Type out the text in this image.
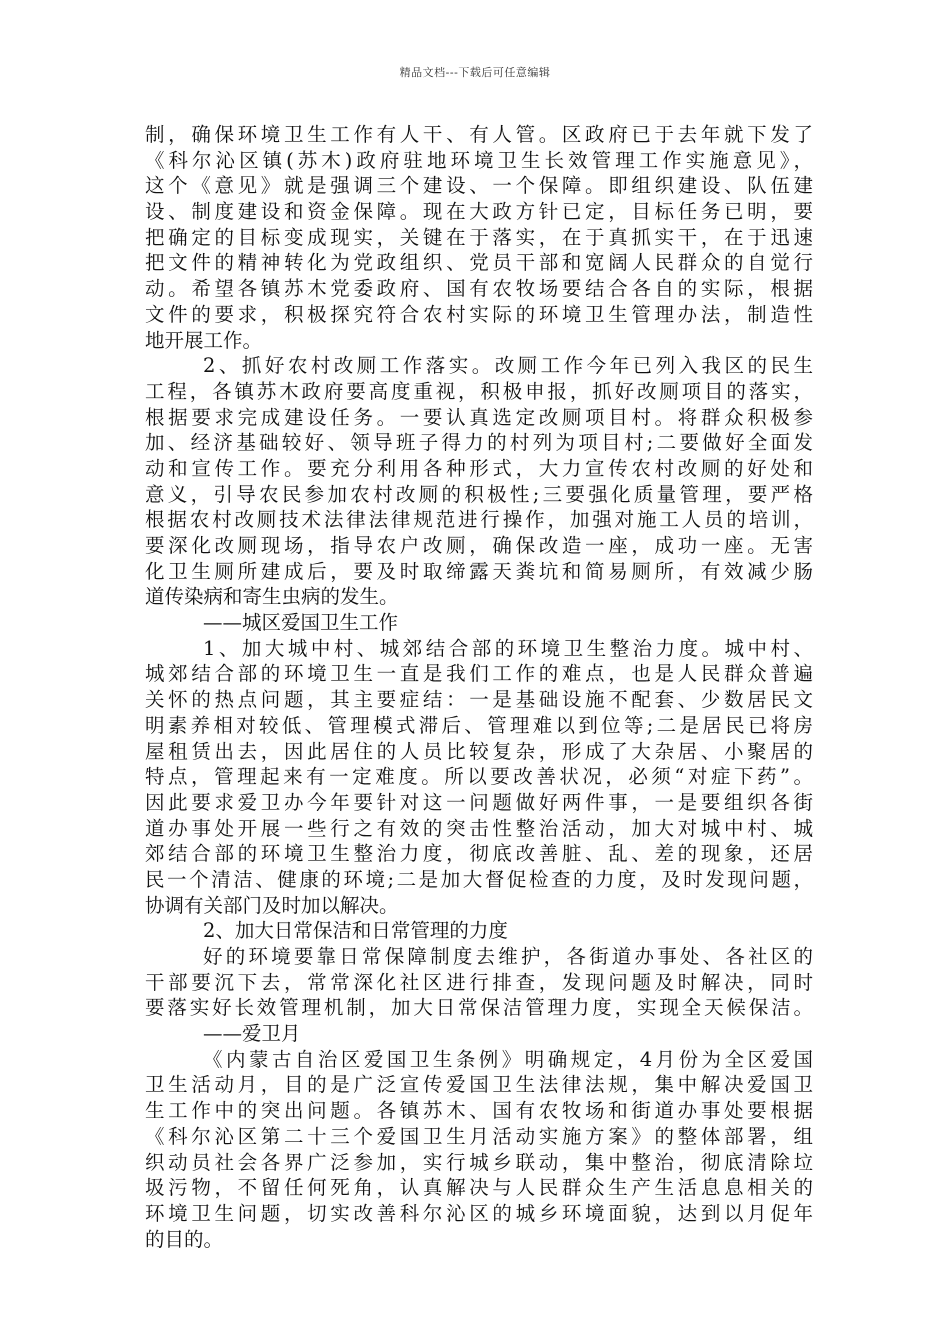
精品文档---下载后可任意编辑
制，确保环境卫生工作有人干、有人管。区政府已于去年就下发了
《科尔沁区镇(苏木)政府驻地环境卫生长效管理工作实施意见》，
这个《意见》就是强调三个建设、一个保障。即组织建设、队伍建
设、制度建设和资金保障。现在大政方针已定，目标任务已明，要
把确定的目标变成现实，关键在于落实，在于真抓实干，在于迅速
把文件的精神转化为党政组织、党员干部和宽阔人民群众的自觉行
动。希望各镇苏木党委政府、国有农牧场要结合各自的实际，根据
文件的要求，积极探究符合农村实际的环境卫生管理办法，制造性
地开展工作。
2、抓好农村改厕工作落实。改厕工作今年已列入我区的民生
工程，各镇苏木政府要高度重视，积极申报，抓好改厕项目的落实，
根据要求完成建设任务。一要认真选定改厕项目村。将群众积极参
加、经济基础较好、领导班子得力的村列为项目村;二要做好全面发
动和宣传工作。要充分利用各种形式，大力宣传农村改厕的好处和
意义，引导农民参加农村改厕的积极性;三要强化质量管理，要严格
根据农村改厕技术法律法律规范进行操作，加强对施工人员的培训，
要深化改厕现场，指导农户改厕，确保改造一座，成功一座。无害
化卫生厕所建成后，要及时取缔露天粪坑和简易厕所，有效减少肠
道传染病和寄生虫病的发生。
——城区爱国卫生工作
1、加大城中村、城郊结合部的环境卫生整治力度。城中村、
城郊结合部的环境卫生一直是我们工作的难点，也是人民群众普遍
关怀的热点问题，其主要症结：一是基础设施不配套、少数居民文
明素养相对较低、管理模式滞后、管理难以到位等;二是居民已将房
屋租赁出去，因此居住的人员比较复杂，形成了大杂居、小聚居的
特点，管理起来有一定难度。所以要改善状况，必须“对症下药”。
因此要求爱卫办今年要针对这一问题做好两件事，一是要组织各街
道办事处开展一些行之有效的突击性整治活动，加大对城中村、城
郊结合部的环境卫生整治力度，彻底改善脏、乱、差的现象，还居
民一个清洁、健康的环境;二是加大督促检查的力度，及时发现问题，
协调有关部门及时加以解决。
2、加大日常保洁和日常管理的力度
好的环境要靠日常保障制度去维护，各街道办事处、各社区的
干部要沉下去，常常深化社区进行排查，发现问题及时解决，同时
要落实好长效管理机制，加大日常保洁管理力度，实现全天候保洁。
——爱卫月
《内蒙古自治区爱国卫生条例》明确规定，4月份为全区爱国
卫生活动月，目的是广泛宣传爱国卫生法律法规，集中解决爱国卫
生工作中的突出问题。各镇苏木、国有农牧场和街道办事处要根据
《科尔沁区第二十三个爱国卫生月活动实施方案》的整体部署，组
织动员社会各界广泛参加，实行城乡联动，集中整治，彻底清除垃
圾污物，不留任何死角，认真解决与人民群众生产生活息息相关的
环境卫生问题，切实改善科尔沁区的城乡环境面貌，达到以月促年
的目的。
